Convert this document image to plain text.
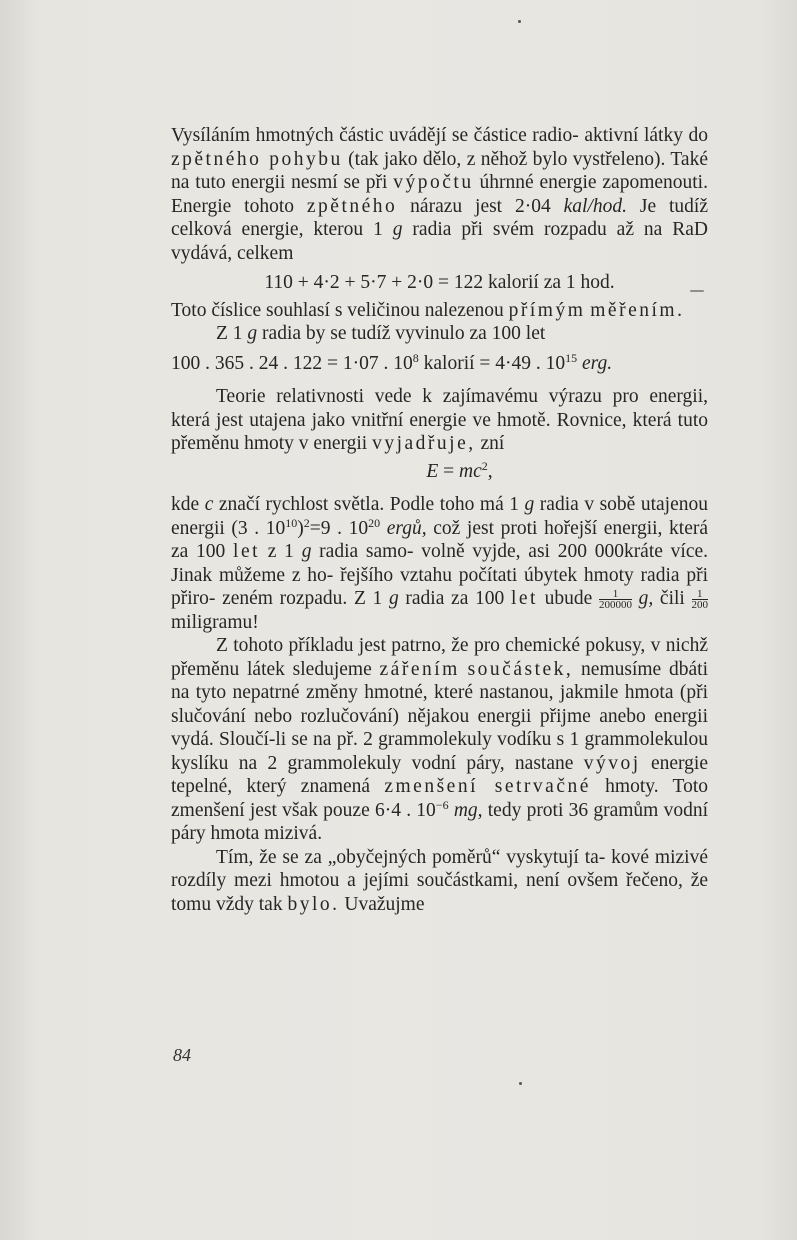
Vysíláním hmotných částic uvádějí se částice radio- aktivní látky do zpětného pohybu (tak jako dělo, z něhož bylo vystřeleno). Také na tuto energii nesmí se při výpočtu úhrnné energie zapomenouti. Energie tohoto zpětného nárazu jest 2·04 kal/hod. Je tudíž celková energie, kterou 1 g radia při svém rozpadu až na RaD vydává, celkem

110 + 4·2 + 5·7 + 2·0 = 122 kalorií za 1 hod.

Toto číslice souhlasí s veličinou nalezenou přímým měřením.

Z 1 g radia by se tudíž vyvinulo za 100 let

100 . 365 . 24 . 122 = 1·07 . $10^8$ kalorií = 4·49 . $10^{15}$ erg.

Teorie relativnosti vede k zajímavému výrazu pro energii, která jest utajena jako vnitřní energie ve hmotě. Rovnice, která tuto přeměnu hmoty v energii vyjadřuje, zní

$E = mc^2$,

kde c značí rychlost světla. Podle toho má 1 g radia v sobě utajenou energii (3 . $10^{10})^2=9$ . $10^{20}$ ergů, což jest proti hořejší energii, která za 100 let z 1 g radia samo- volně vyjde, asi 200 000kráte více. Jinak můžeme z ho- řejšího vztahu počítati úbytek hmoty radia při přiro- zeném rozpadu. Z 1 g radia za 100 let ubude $\frac{1}{200000} g$, čili $\frac{1}{200}$
miligramu!

Z tohoto příkladu jest patrno, že pro chemické pokusy, v nichž přeměnu látek sledujeme zářením součástek, nemusíme dbáti na tyto nepatrné změny hmotné, které nastanou, jakmile hmota (při slučování nebo rozlučování) nějakou energii přijme anebo energii vydá. Sloučí-li se na př. 2 grammolekuly vodíku s 1 grammolekulou kyslíku na 2 grammolekuly vodní páry, nastane vývoj energie tepelné, který znamená zmenšení setrvačné hmoty. Toto zmenšení jest však pouze 6·4 . $10^{-6}$ mg, tedy proti 36 gramům vodní páry hmota mizivá.

Tím, že se za „obyčejných poměrů“ vyskytují ta- kové mizivé rozdíly mezi hmotou a jejími součástkami, není ovšem řečeno, že tomu vždy tak bylo. Uvažujme

84
